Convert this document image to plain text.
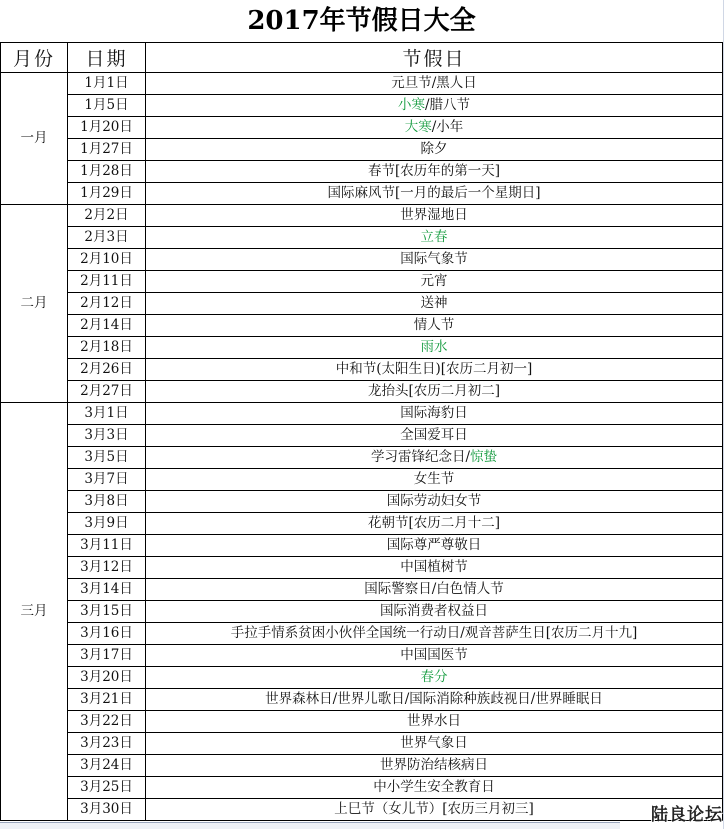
2017年节假日大全
月份	日期	节假日
一月	1月1日	元旦节/黑人日
	1月5日	小寒/腊八节
	1月20日	大寒/小年
	1月27日	除夕
	1月28日	春节[农历年的第一天]
	1月29日	国际麻风节[一月的最后一个星期日]
二月	2月2日	世界湿地日
	2月3日	立春
	2月10日	国际气象节
	2月11日	元宵
	2月12日	送神
	2月14日	情人节
	2月18日	雨水
	2月26日	中和节(太阳生日)[农历二月初一]
	2月27日	龙抬头[农历二月初二]
三月	3月1日	国际海豹日
	3月3日	全国爱耳日
	3月5日	学习雷锋纪念日/惊蛰
	3月7日	女生节
	3月8日	国际劳动妇女节
	3月9日	花朝节[农历二月十二]
	3月11日	国际尊严尊敬日
	3月12日	中国植树节
	3月14日	国际警察日/白色情人节
	3月15日	国际消费者权益日
	3月16日	手拉手情系贫困小伙伴全国统一行动日/观音菩萨生日[农历二月十九]
	3月17日	中国国医节
	3月20日	春分
	3月21日	世界森林日/世界儿歌日/国际消除种族歧视日/世界睡眠日
	3月22日	世界水日
	3月23日	世界气象日
	3月24日	世界防治结核病日
	3月25日	中小学生安全教育日
	3月30日	上巳节（女儿节）[农历三月初三]	陆良论坛
